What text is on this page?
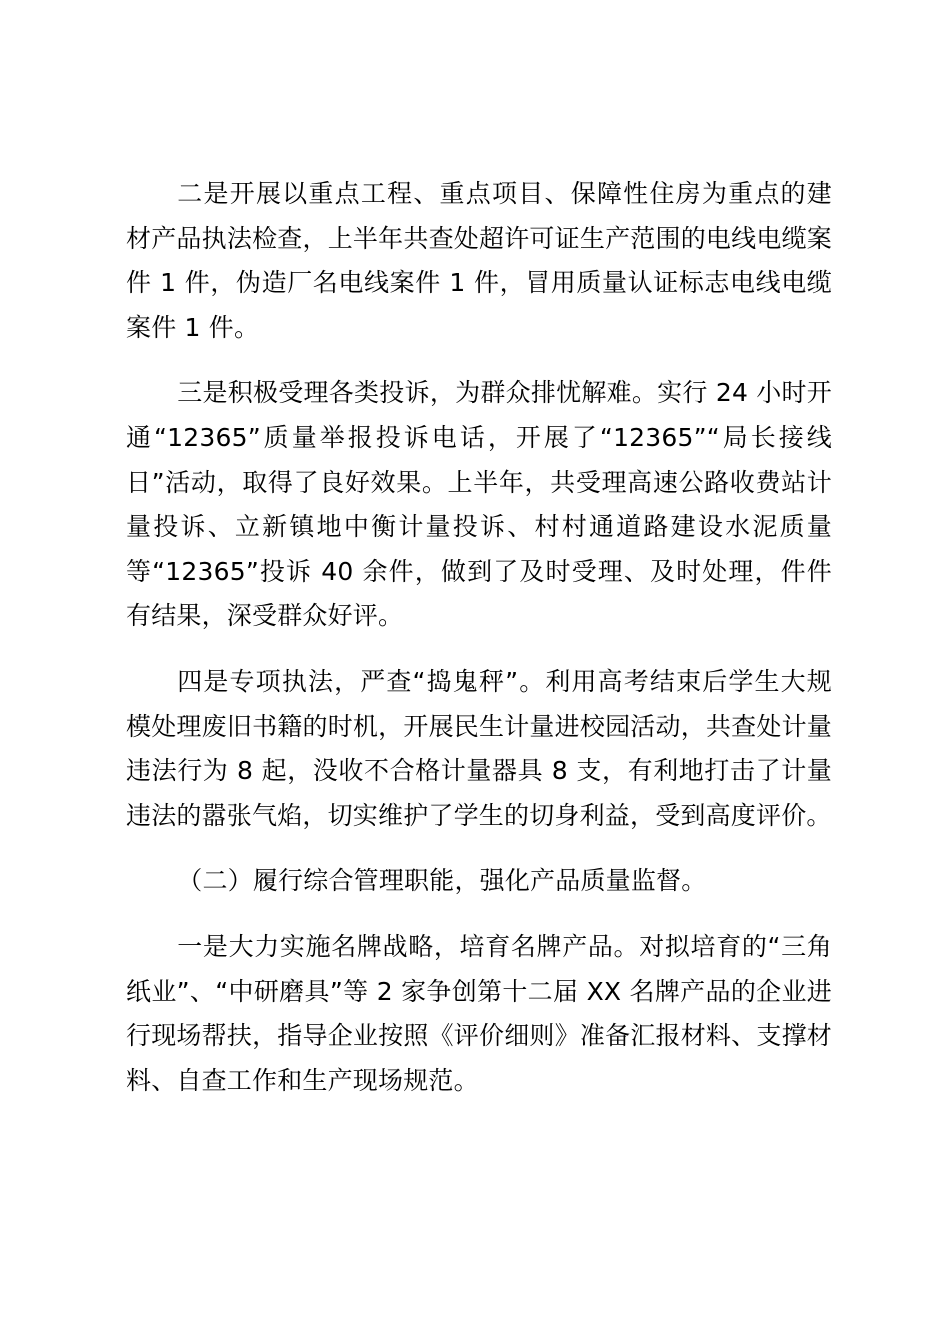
二是开展以重点工程、重点项目、保障性住房为重点的建材产品执法检查，上半年共查处超许可证生产范围的电线电缆案件 1 件，伪造厂名电线案件 1 件，冒用质量认证标志电线电缆案件 1 件。

三是积极受理各类投诉，为群众排忧解难。实行 24 小时开通“12365”质量举报投诉电话，开展了“12365”“局长接线日”活动，取得了良好效果。上半年，共受理高速公路收费站计量投诉、立新镇地中衡计量投诉、村村通道路建设水泥质量等“12365”投诉 40 余件，做到了及时受理、及时处理，件件有结果，深受群众好评。

四是专项执法，严查“捣鬼秤”。利用高考结束后学生大规模处理废旧书籍的时机，开展民生计量进校园活动，共查处计量违法行为 8 起，没收不合格计量器具 8 支，有利地打击了计量违法的嚣张气焰，切实维护了学生的切身利益，受到高度评价。

（二）履行综合管理职能，强化产品质量监督。

一是大力实施名牌战略，培育名牌产品。对拟培育的“三角纸业”、“中研磨具”等 2 家争创第十二届 XX 名牌产品的企业进行现场帮扶，指导企业按照《评价细则》准备汇报材料、支撑材料、自查工作和生产现场规范。
